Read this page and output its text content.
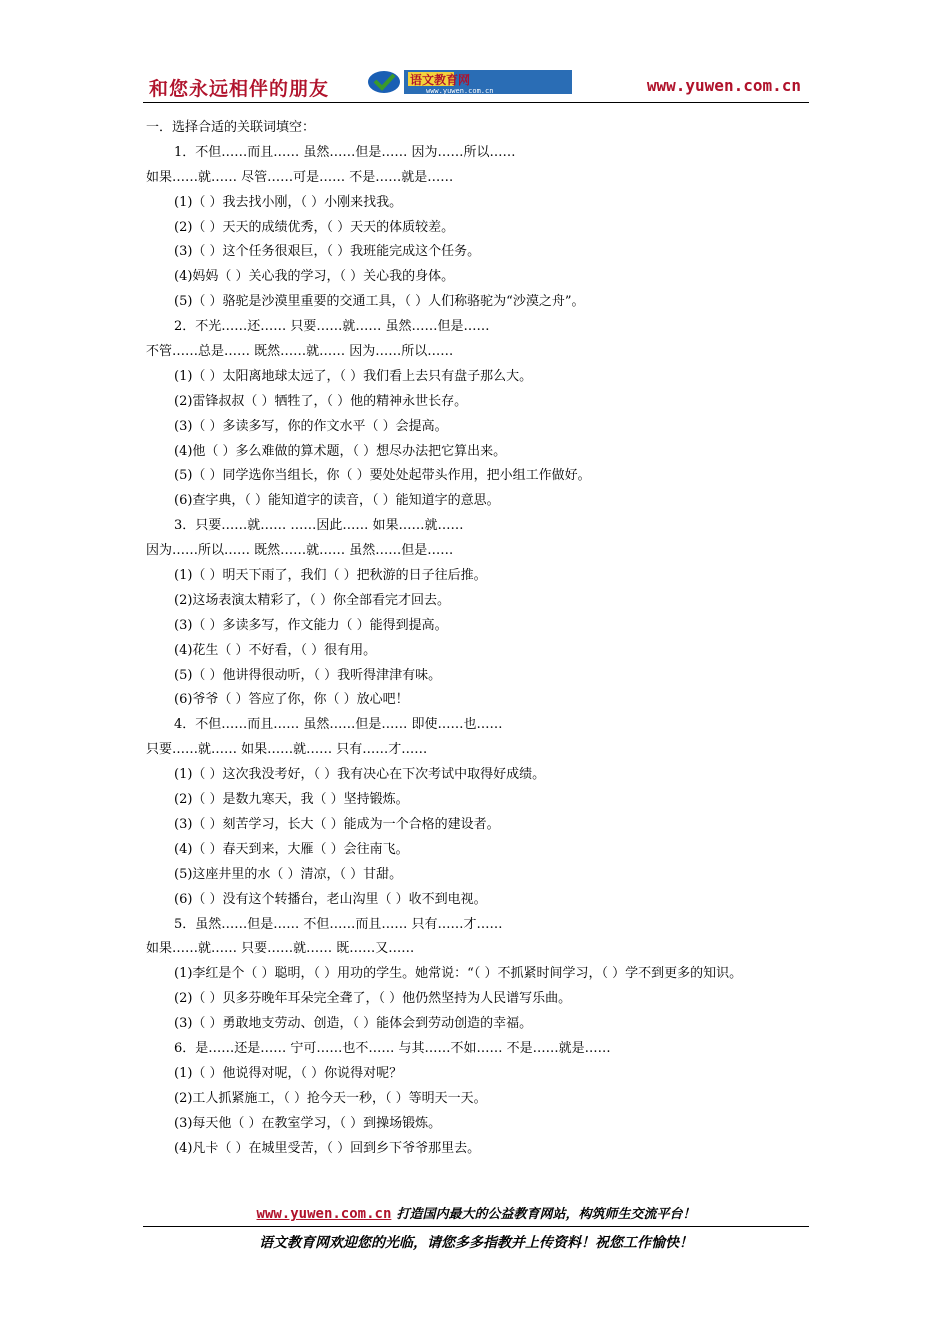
和您永远相伴的朋友	语文教育网
www.yuwen.com.cn	www.yuwen.com.cn
一．选择合适的关联词填空：
1．不但……而且…… 虽然……但是…… 因为……所以……
如果……就…… 尽管……可是…… 不是……就是……
(1)（ ）我去找小刚，（ ）小刚来找我。
(2)（ ）天天的成绩优秀，（ ）天天的体质较差。
(3)（ ）这个任务很艰巨，（ ）我班能完成这个任务。
(4)妈妈（ ）关心我的学习，（ ）关心我的身体。
(5)（ ）骆驼是沙漠里重要的交通工具，（ ）人们称骆驼为“沙漠之舟”。
2．不光……还…… 只要……就…… 虽然……但是……
不管……总是…… 既然……就…… 因为……所以……
(1)（ ）太阳离地球太远了，（ ）我们看上去只有盘子那么大。
(2)雷锋叔叔（ ）牺牲了，（ ）他的精神永世长存。
(3)（ ）多读多写，你的作文水平（ ）会提高。
(4)他（ ）多么难做的算术题，（ ）想尽办法把它算出来。
(5)（ ）同学选你当组长，你（ ）要处处起带头作用，把小组工作做好。
(6)查字典，（ ）能知道字的读音，（ ）能知道字的意思。
3．只要……就…… ……因此…… 如果……就……
因为……所以…… 既然……就…… 虽然……但是……
(1)（ ）明天下雨了，我们（ ）把秋游的日子往后推。
(2)这场表演太精彩了，（ ）你全部看完才回去。
(3)（ ）多读多写，作文能力（ ）能得到提高。
(4)花生（ ）不好看，（ ）很有用。
(5)（ ）他讲得很动听，（ ）我听得津津有味。
(6)爷爷（ ）答应了你，你（ ）放心吧！
4．不但……而且…… 虽然……但是…… 即使……也……
只要……就…… 如果……就…… 只有……才……
(1)（ ）这次我没考好，（ ）我有决心在下次考试中取得好成绩。
(2)（ ）是数九寒天，我（ ）坚持锻炼。
(3)（ ）刻苦学习，长大（ ）能成为一个合格的建设者。
(4)（ ）春天到来，大雁（ ）会往南飞。
(5)这座井里的水（ ）清凉，（ ）甘甜。
(6)（ ）没有这个转播台，老山沟里（ ）收不到电视。
5．虽然……但是…… 不但……而且…… 只有……才……
如果……就…… 只要……就…… 既……又……
(1)李红是个（ ）聪明，（ ）用功的学生。她常说：“（ ）不抓紧时间学习，（ ）学不到更多的知识。
(2)（ ）贝多芬晚年耳朵完全聋了，（ ）他仍然坚持为人民谱写乐曲。
(3)（ ）勇敢地支劳动、创造，（ ）能体会到劳动创造的幸福。
6．是……还是…… 宁可……也不…… 与其……不如…… 不是……就是……
(1)（ ）他说得对呢，（ ）你说得对呢？
(2)工人抓紧施工，（ ）抢今天一秒，（ ）等明天一天。
(3)每天他（ ）在教室学习，（ ）到操场锻炼。
(4)凡卡（ ）在城里受苦，（ ）回到乡下爷爷那里去。
www.yuwen.com.cn 打造国内最大的公益教育网站，构筑师生交流平台！
语文教育网欢迎您的光临，请您多多指教并上传资料！祝您工作愉快！
